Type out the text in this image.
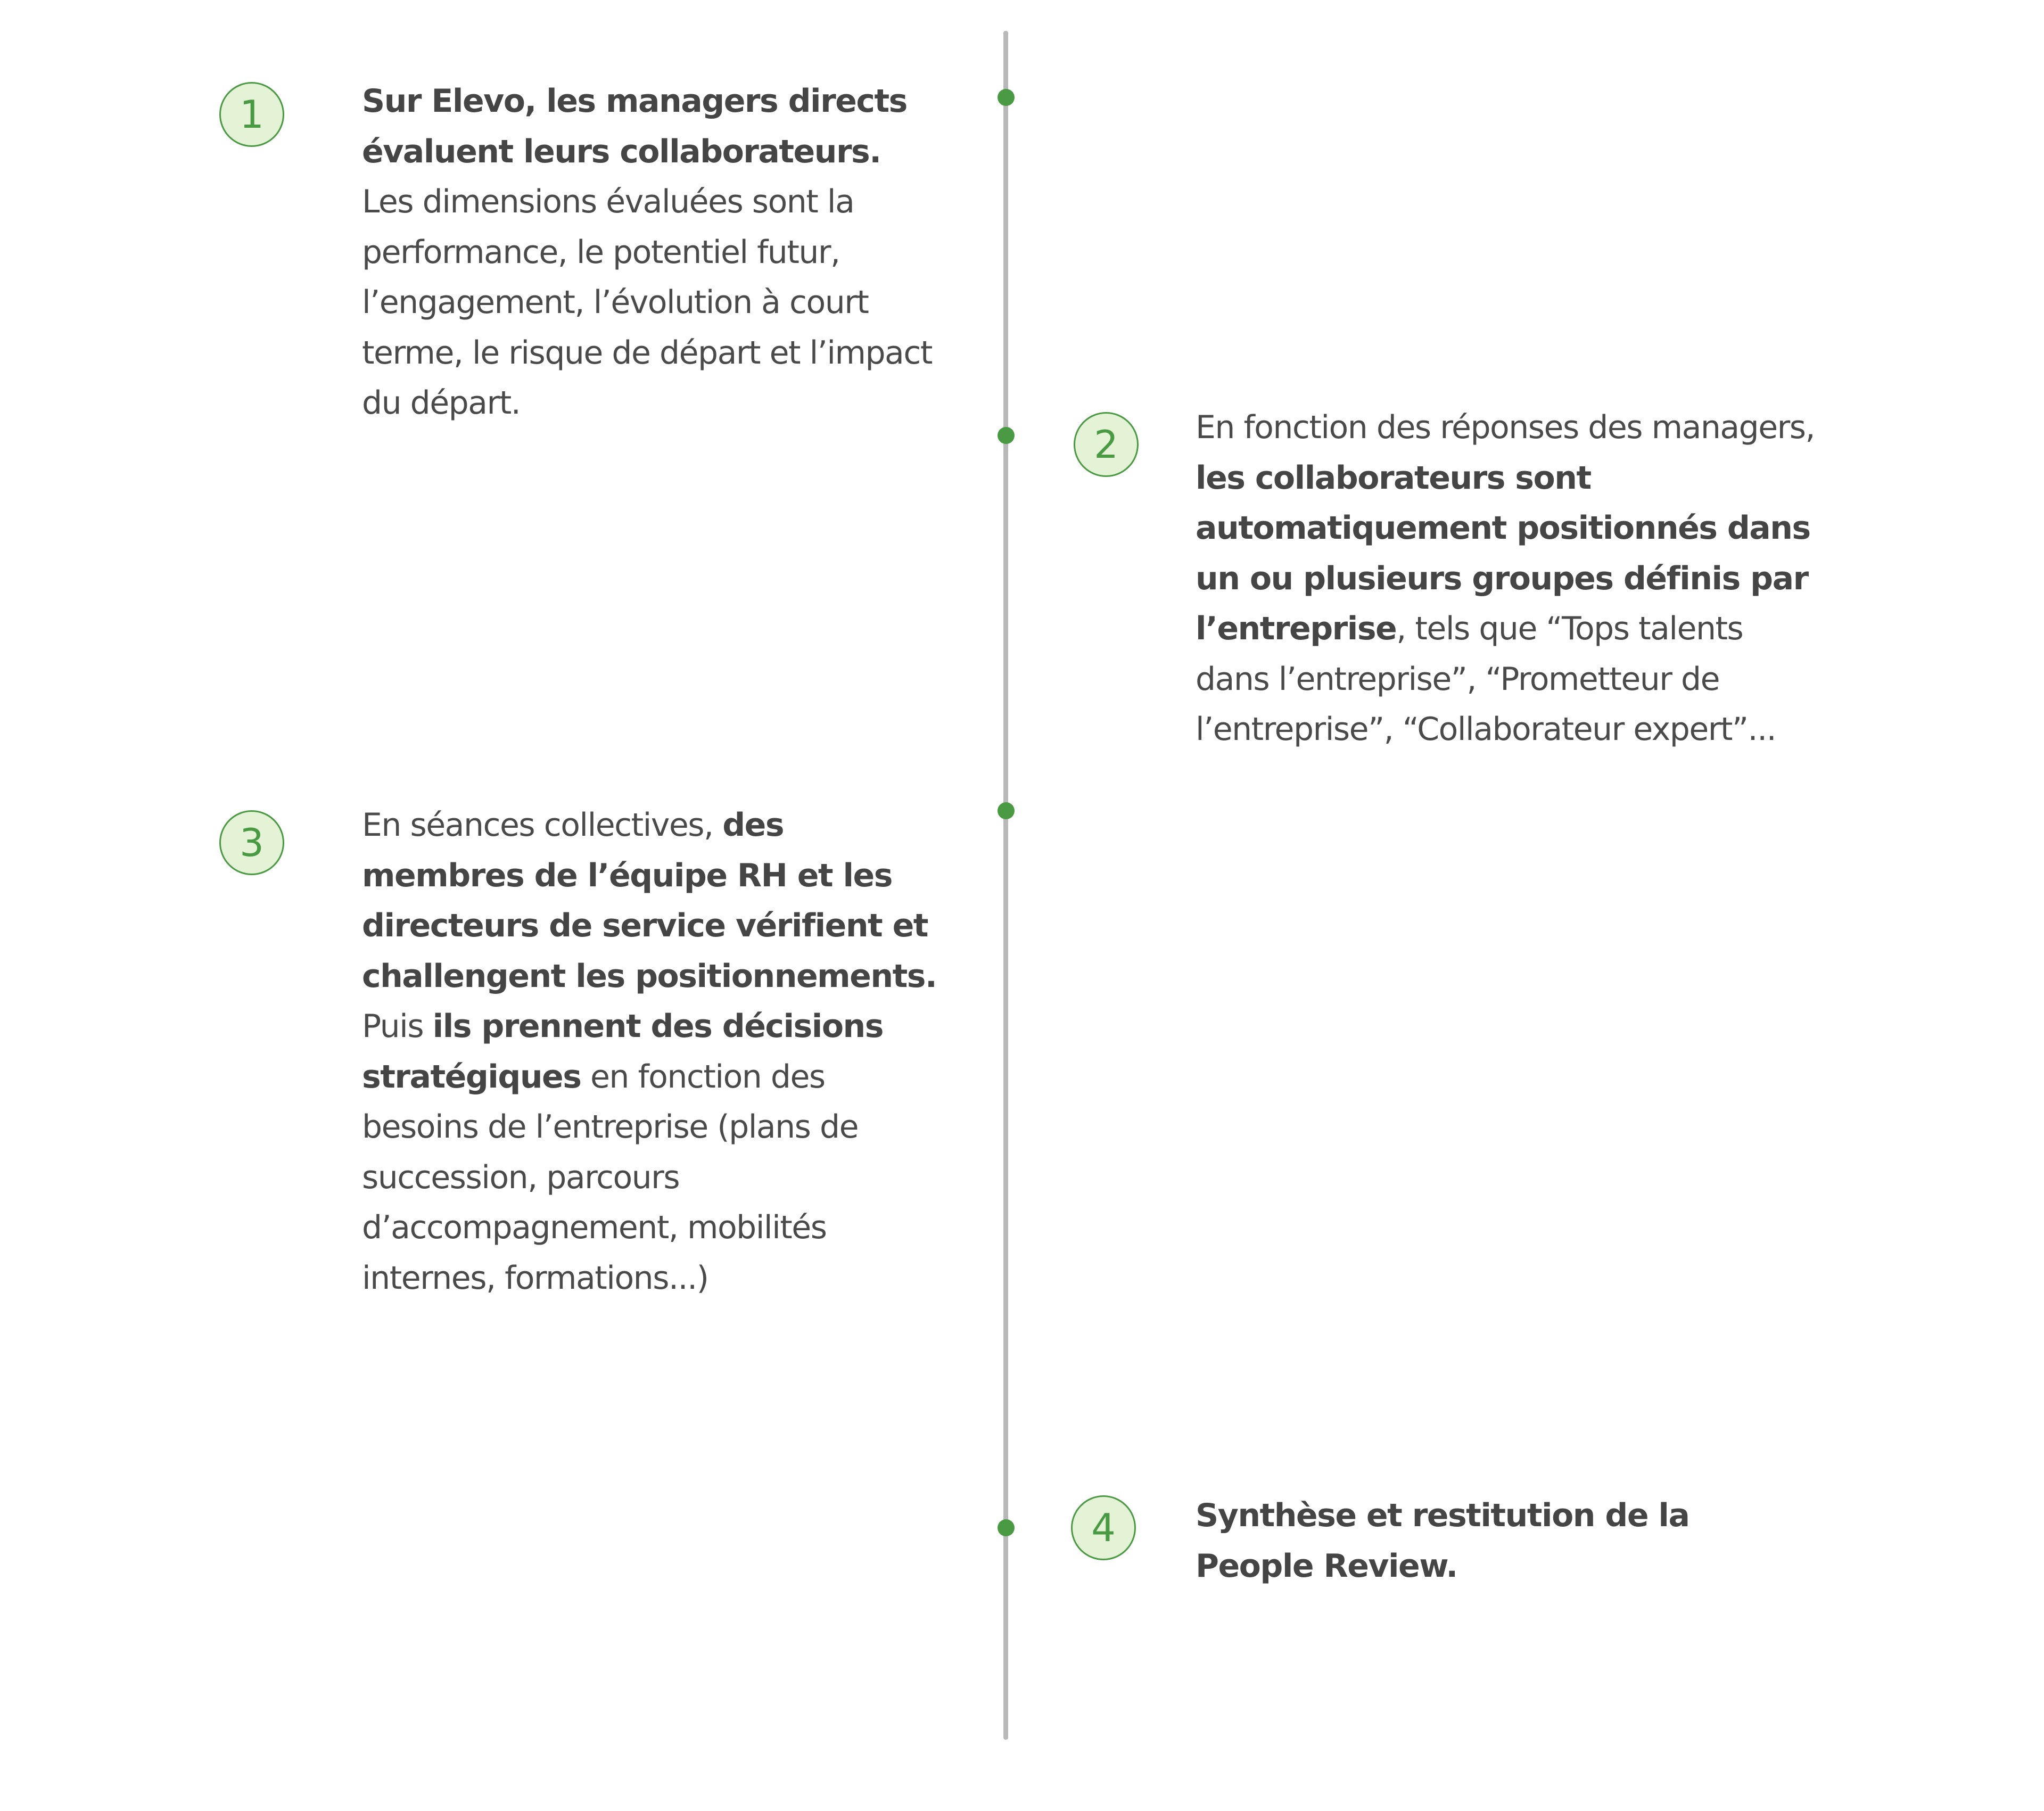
1
2
3
4

Sur Elevo, les managers directs évaluent leurs collaborateurs. Les dimensions évaluées sont la performance, le potentiel futur, l’engagement, l’évolution à court terme, le risque de départ et l’impact du départ.

En fonction des réponses des managers, les collaborateurs sont automatiquement positionnés dans un ou plusieurs groupes définis par l’entreprise, tels que “Tops talents dans l’entreprise”, “Prometteur de l’entreprise”, “Collaborateur expert”...

En séances collectives, des membres de l’équipe RH et les directeurs de service vérifient et challengent les positionnements. Puis ils prennent des décisions stratégiques en fonction des besoins de l’entreprise (plans de succession, parcours d’accompagnement, mobilités internes, formations...)

Synthèse et restitution de la People Review.
